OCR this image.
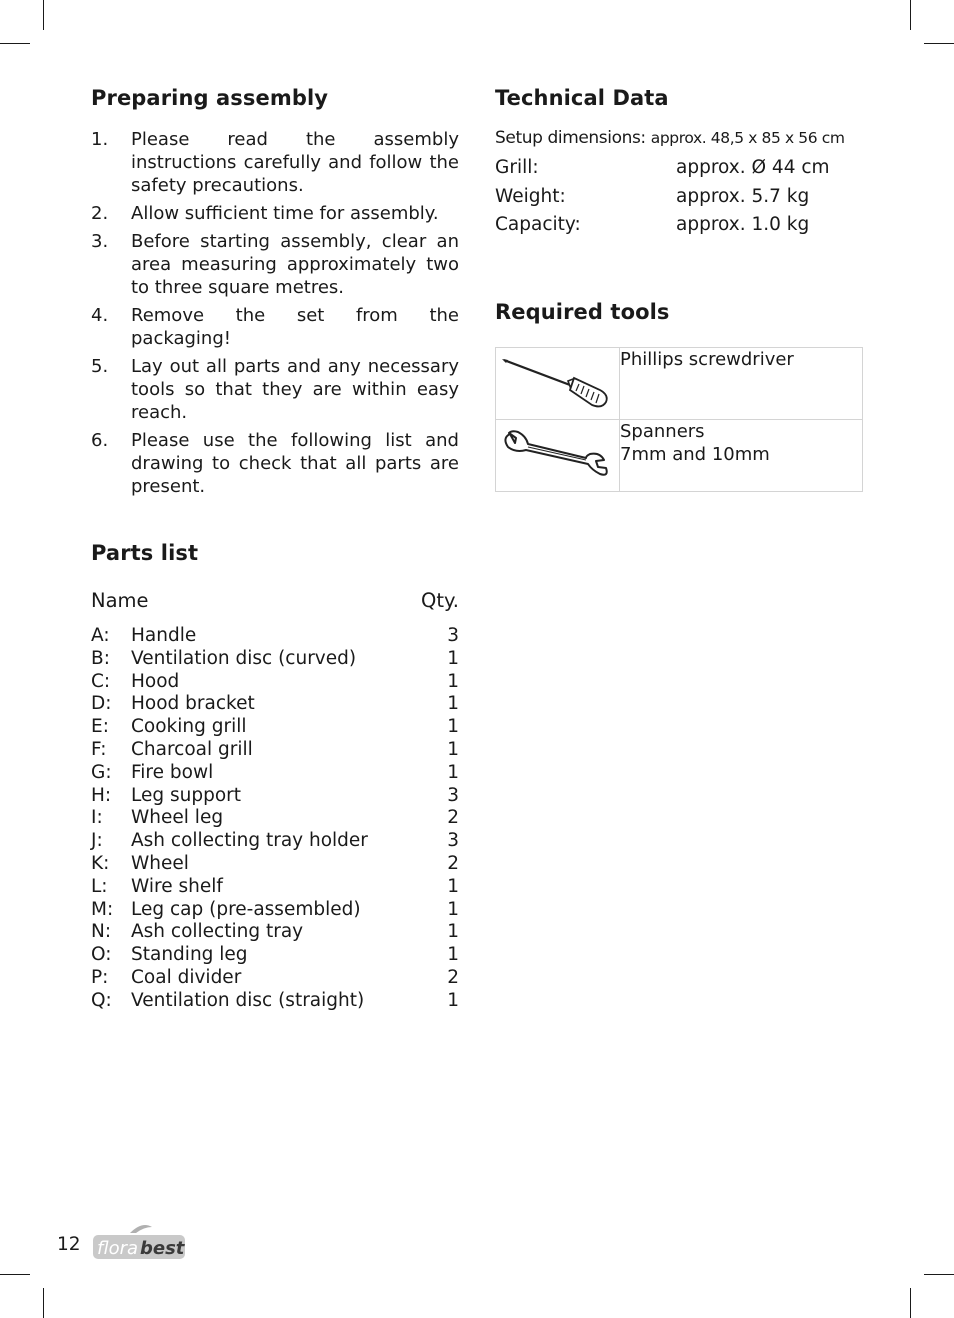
Preparing assembly
1.	Please read the assembly instructions carefully and follow the safety precautions.
2.	Allow sufficient time for assembly.
3.	Before starting assembly, clear an area measuring approximately two to three square metres.
4.	Remove the set from the packaging!
5.	Lay out all parts and any necessary tools so that they are within easy reach.
6.	Please use the following list and drawing to check that all parts are present.
Parts list
Name	Qty.
A:	Handle	3
B:	Ventilation disc (curved)	1
C:	Hood	1
D:	Hood bracket	1
E:	Cooking grill	1
F:	Charcoal grill	1
G:	Fire bowl	1
H:	Leg support	3
I:	Wheel leg	2
J:	Ash collecting tray holder	3
K:	Wheel	2
L:	Wire shelf	1
M: Leg cap (pre-assembled)	1
N:	Ash collecting tray	1
O:	Standing leg	1
P:	Coal divider	2
Q:	Ventilation disc (straight)	1
Technical Data
Setup dimensions: approx. 48,5 x 85 x 56 cm
Grill:	approx. Ø 44 cm
Weight:	approx. 5.7 kg
Capacity:	approx. 1.0 kg
Required tools
	Phillips screwdriver

Spanners
7mm and 10mm
12 flora best
